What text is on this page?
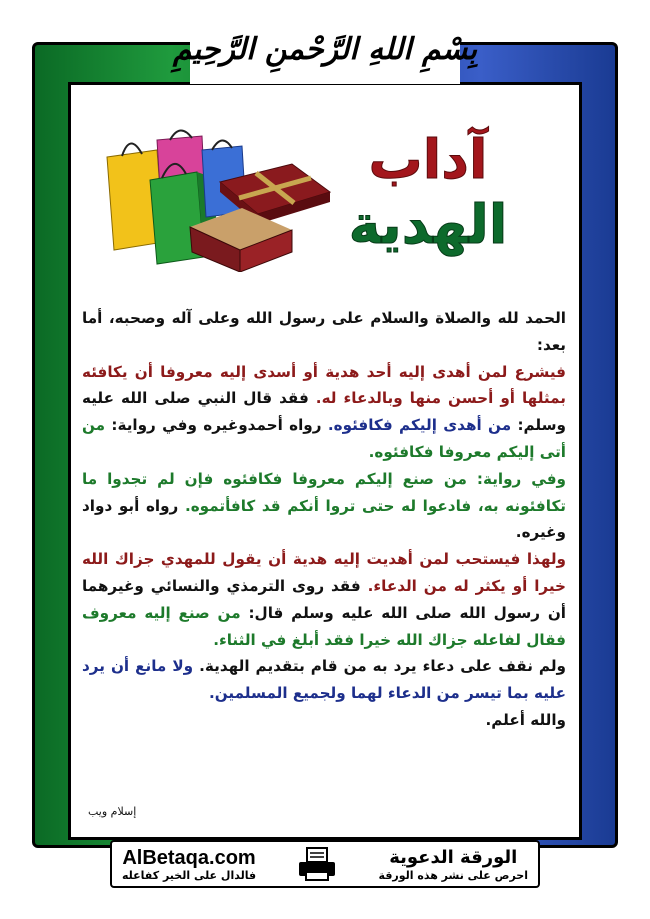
بِسْمِ اللهِ الرَّحْمنِ الرَّحِيمِ
آداب
الهدية

الحمد لله والصلاة والسلام على رسول الله وعلى آله وصحبه، أما بعد:

فيشرع لمن أهدى إليه أحد هدية أو أسدى إليه معروفا أن يكافئه بمثلها أو أحسن منها وبالدعاء له. فقد قال النبي صلى الله عليه وسلم: من أهدى إليكم فكافئوه. رواه أحمدوغيره وفي رواية: من أتى إليكم معروفا فكافئوه.

وفي رواية: من صنع إليكم معروفا فكافئوه فإن لم تجدوا ما تكافئونه به، فادعوا له حتى تروا أنكم قد كافأتموه. رواه أبو دواد وغيره.

ولهذا فيستحب لمن أهديت إليه هدية أن يقول للمهدي جزاك الله خيرا أو يكثر له من الدعاء. فقد روى الترمذي والنسائي وغيرهما أن رسول الله صلى الله عليه وسلم قال: من صنع إليه معروف فقال لفاعله جزاك الله خيرا فقد أبلغ في الثناء.

ولم نقف على دعاء يرد به من قام بتقديم الهدية. ولا مانع أن يرد عليه بما تيسر من الدعاء لهما ولجميع المسلمين.

والله أعلم.

إسلام ويب
AlBetaqa.com
فالدال على الخير كفاعله
الورقة الدعوية
احرص على نشر هذه الورقة
